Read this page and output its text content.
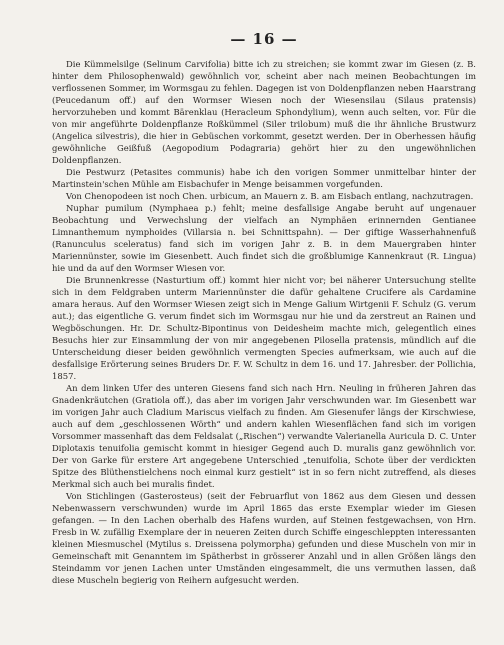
— 16 —

Die Kümmelsilge (Selinum Carvifolia) bitte ich zu streichen; sie kommt zwar im Giesen (z. B. hinter dem Philosophenwald) gewöhnlich vor, scheint aber nach meinen Beobachtungen im verflossenen Sommer, im Wormsgau zu fehlen. Dagegen ist von Doldenpflanzen neben Haarstrang (Peucedanum off.) auf den Wormser Wiesen noch der Wiesensilau (Silaus pratensis) hervorzuheben und kommt Bärenklau (Heracleum Sphondylium), wenn auch selten, vor. Für die von mir angeführte Doldenpflanze Roßkümmel (Siler trilobum) muß die ihr ähnliche Brustwurz (Angelica silvestris), die hier in Gebüschen vorkommt, gesetzt werden. Der in Oberhessen häufig gewöhnliche Geißfuß (Aegopodium Podagraria) gehört hier zu den ungewöhnlichen Doldenpflanzen.

Die Pestwurz (Petasites communis) habe ich den vorigen Sommer unmittelbar hinter der Martinstein'schen Mühle am Eisbachufer in Menge beisammen vorgefunden.

Von Chenopodeen ist noch Chen. urbicum, an Mauern z. B. am Eisbach entlang, nachzutragen.

Nuphar pumilum (Nymphaea p.) fehlt; meine desfallsige Angabe beruht auf ungenauer Beobachtung und Verwechslung der vielfach an Nymphäen erinnernden Gentianee Limnanthemum nymphoides (Villarsia n. bei Schnittspahn). — Der giftige Wasserhahnenfuß (Ranunculus sceleratus) fand sich im vorigen Jahr z. B. in dem Mauergraben hinter Mariennünster, sowie im Giesenbett. Auch findet sich die großblumige Kannenkraut (R. Lingua) hie und da auf den Wormser Wiesen vor.

Die Brunnenkresse (Nasturtium off.) kommt hier nicht vor; bei näherer Untersuchung stellte sich in dem Feldgraben unterm Mariennünster die dafür gehaltene Crucifere als Cardamine amara heraus. Auf den Wormser Wiesen zeigt sich in Menge Galium Wirtgenii F. Schulz (G. verum aut.); das eigentliche G. verum findet sich im Wormsgau nur hie und da zerstreut an Rainen und Wegböschungen. Hr. Dr. Schultz-Bipontinus von Deidesheim machte mich, gelegentlich eines Besuchs hier zur Einsammlung der von mir angegebenen Pilosella pratensis, mündlich auf die Unterscheidung dieser beiden gewöhnlich vermengten Species aufmerksam, wie auch auf die desfallsige Erörterung seines Bruders Dr. F. W. Schultz in dem 16. und 17. Jahresber. der Pollichia, 1857.

An dem linken Ufer des unteren Giesens fand sich nach Hrn. Neuling in früheren Jahren das Gnadenkräutchen (Gratiola off.), das aber im vorigen Jahr verschwunden war. Im Giesenbett war im vorigen Jahr auch Cladium Mariscus vielfach zu finden. Am Giesenufer längs der Kirschwiese, auch auf dem „geschlossenen Wörth“ und andern kahlen Wiesenflächen fand sich im vorigen Vorsommer massenhaft das dem Feldsalat („Rischen“) verwandte Valerianella Auricula D. C. Unter Diplotaxis tenuifolia gemischt kommt in hiesiger Gegend auch D. muralis ganz gewöhnlich vor. Der von Garke für erstere Art angegebene Unterschied „tenuifolia, Schote über der verdickten Spitze des Blüthenstielchens noch einmal kurz gestielt“ ist in so fern nicht zutreffend, als dieses Merkmal sich auch bei muralis findet.

Von Stichlingen (Gasterosteus) (seit der Februarflut von 1862 aus dem Giesen und dessen Nebenwassern verschwunden) wurde im April 1865 das erste Exemplar wieder im Giesen gefangen. — In den Lachen oberhalb des Hafens wurden, auf Steinen festgewachsen, von Hrn. Fresb in W. zufällig Exemplare der in neueren Zeiten durch Schiffe eingeschleppten interessanten kleinen Miesmuschel (Mytilus s. Dreissena polymorpha) gefunden und diese Muscheln von mir in Gemeinschaft mit Genanntem im Spätherbst in grösserer Anzahl und in allen Größen längs den Steindamm vor jenen Lachen unter Umständen eingesammelt, die uns vermuthen lassen, daß diese Muscheln begierig von Reihern aufgesucht werden.
